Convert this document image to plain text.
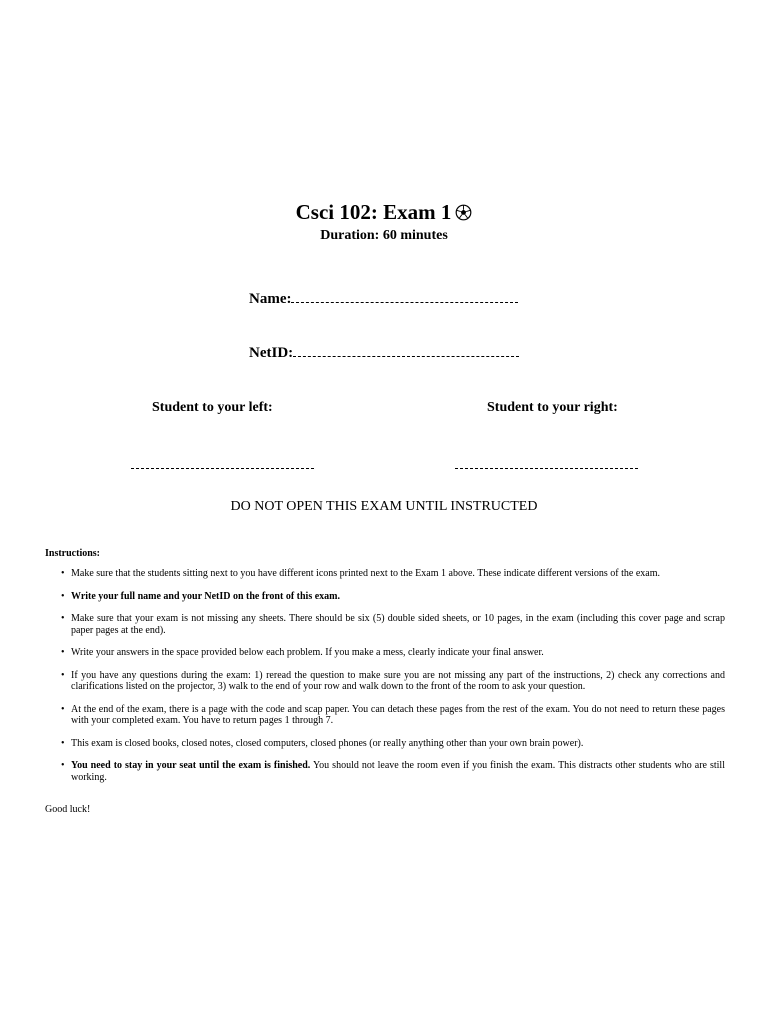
Csci 102: Exam 1
Duration: 60 minutes
Name:
NetID:
Student to your left:	Student to your right:
DO NOT OPEN THIS EXAM UNTIL INSTRUCTED
Instructions:
• Make sure that the students sitting next to you have different icons printed next to the Exam 1 above. These indicate different versions of the exam.
• Write your full name and your NetID on the front of this exam.
• Make sure that your exam is not missing any sheets. There should be six (5) double sided sheets, or 10 pages, in the exam (including this cover page and scrap paper pages at the end).
• Write your answers in the space provided below each problem. If you make a mess, clearly indicate your final answer.
• If you have any questions during the exam: 1) reread the question to make sure you are not missing any part of the instructions, 2) check any corrections and clarifications listed on the projector, 3) walk to the end of your row and walk down to the front of the room to ask your question.
• At the end of the exam, there is a page with the code and scap paper. You can detach these pages from the rest of the exam. You do not need to return these pages with your completed exam. You have to return pages 1 through 7.
• This exam is closed books, closed notes, closed computers, closed phones (or really anything other than your own brain power).
• You need to stay in your seat until the exam is finished. You should not leave the room even if you finish the exam. This distracts other students who are still working.
Good luck!
